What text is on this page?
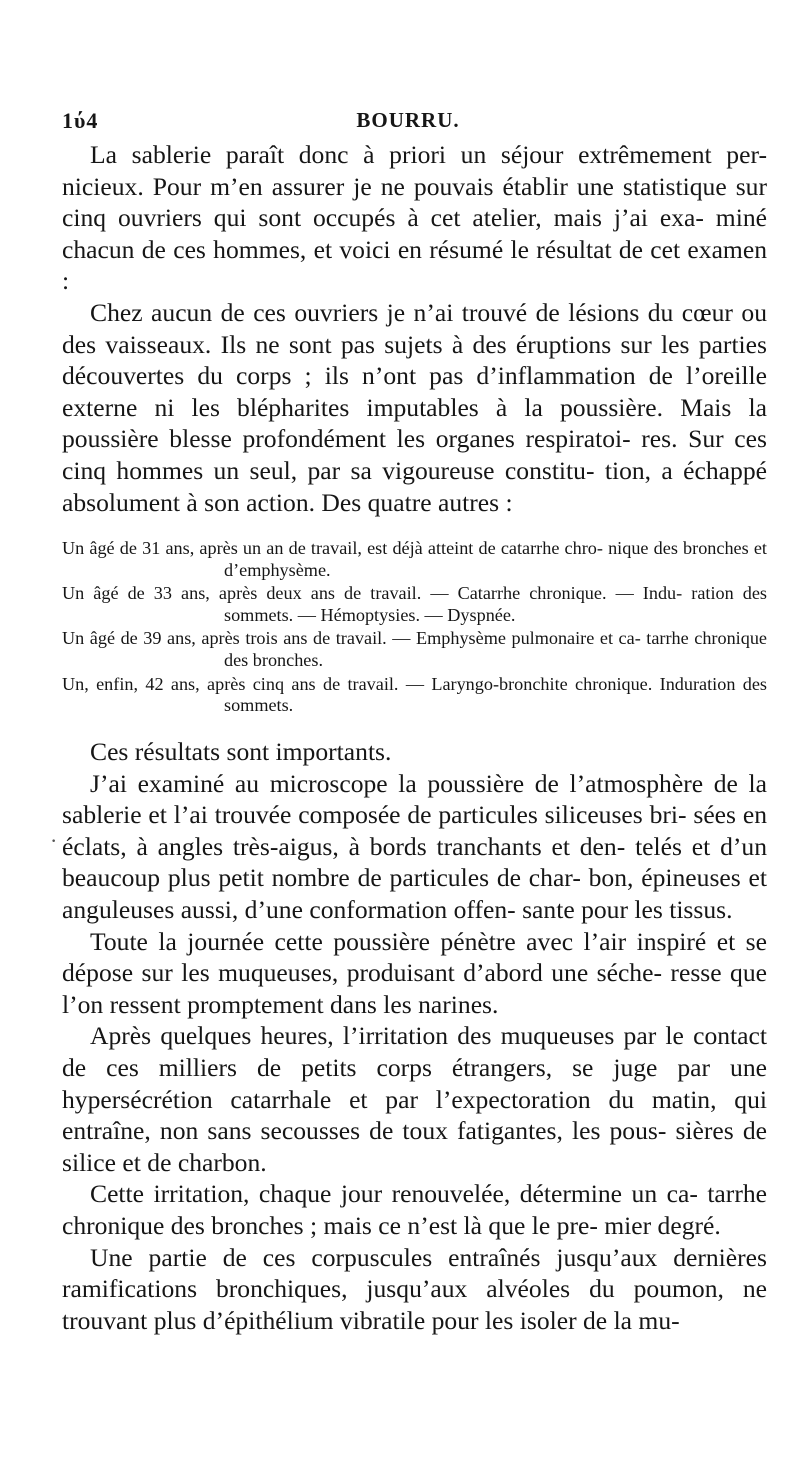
1ύ4	BOURRU.

La sablerie paraît donc à priori un séjour extrêmement per- nicieux. Pour m’en assurer je ne pouvais établir une statistique sur cinq ouvriers qui sont occupés à cet atelier, mais j’ai exa- miné chacun de ces hommes, et voici en résumé le résultat de cet examen :

Chez aucun de ces ouvriers je n’ai trouvé de lésions du cœur ou des vaisseaux. Ils ne sont pas sujets à des éruptions sur les parties découvertes du corps ; ils n’ont pas d’inflammation de l’oreille externe ni les blépharites imputables à la poussière. Mais la poussière blesse profondément les organes respiratoi- res. Sur ces cinq hommes un seul, par sa vigoureuse constitu- tion, a échappé absolument à son action. Des quatre autres :

Un âgé de 31 ans, après un an de travail, est déjà atteint de catarrhe chro- nique des bronches et d’emphysème.

Un âgé de 33 ans, après deux ans de travail. — Catarrhe chronique. — Indu- ration des sommets. — Hémoptysies. — Dyspnée.

Un âgé de 39 ans, après trois ans de travail. — Emphysème pulmonaire et ca- tarrhe chronique des bronches.

Un, enfin, 42 ans, après cinq ans de travail. — Laryngo-bronchite chronique. Induration des sommets.

·

Ces résultats sont importants.

J’ai examiné au microscope la poussière de l’atmosphère de la sablerie et l’ai trouvée composée de particules siliceuses bri- sées en éclats, à angles très-aigus, à bords tranchants et den- telés et d’un beaucoup plus petit nombre de particules de char- bon, épineuses et anguleuses aussi, d’une conformation offen- sante pour les tissus.

Toute la journée cette poussière pénètre avec l’air inspiré et se dépose sur les muqueuses, produisant d’abord une séche- resse que l’on ressent promptement dans les narines.

Après quelques heures, l’irritation des muqueuses par le contact de ces milliers de petits corps étrangers, se juge par une hypersécrétion catarrhale et par l’expectoration du matin, qui entraîne, non sans secousses de toux fatigantes, les pous- sières de silice et de charbon.

Cette irritation, chaque jour renouvelée, détermine un ca- tarrhe chronique des bronches ; mais ce n’est là que le pre- mier degré.

Une partie de ces corpuscules entraînés jusqu’aux dernières ramifications bronchiques, jusqu’aux alvéoles du poumon, ne trouvant plus d’épithélium vibratile pour les isoler de la mu-
